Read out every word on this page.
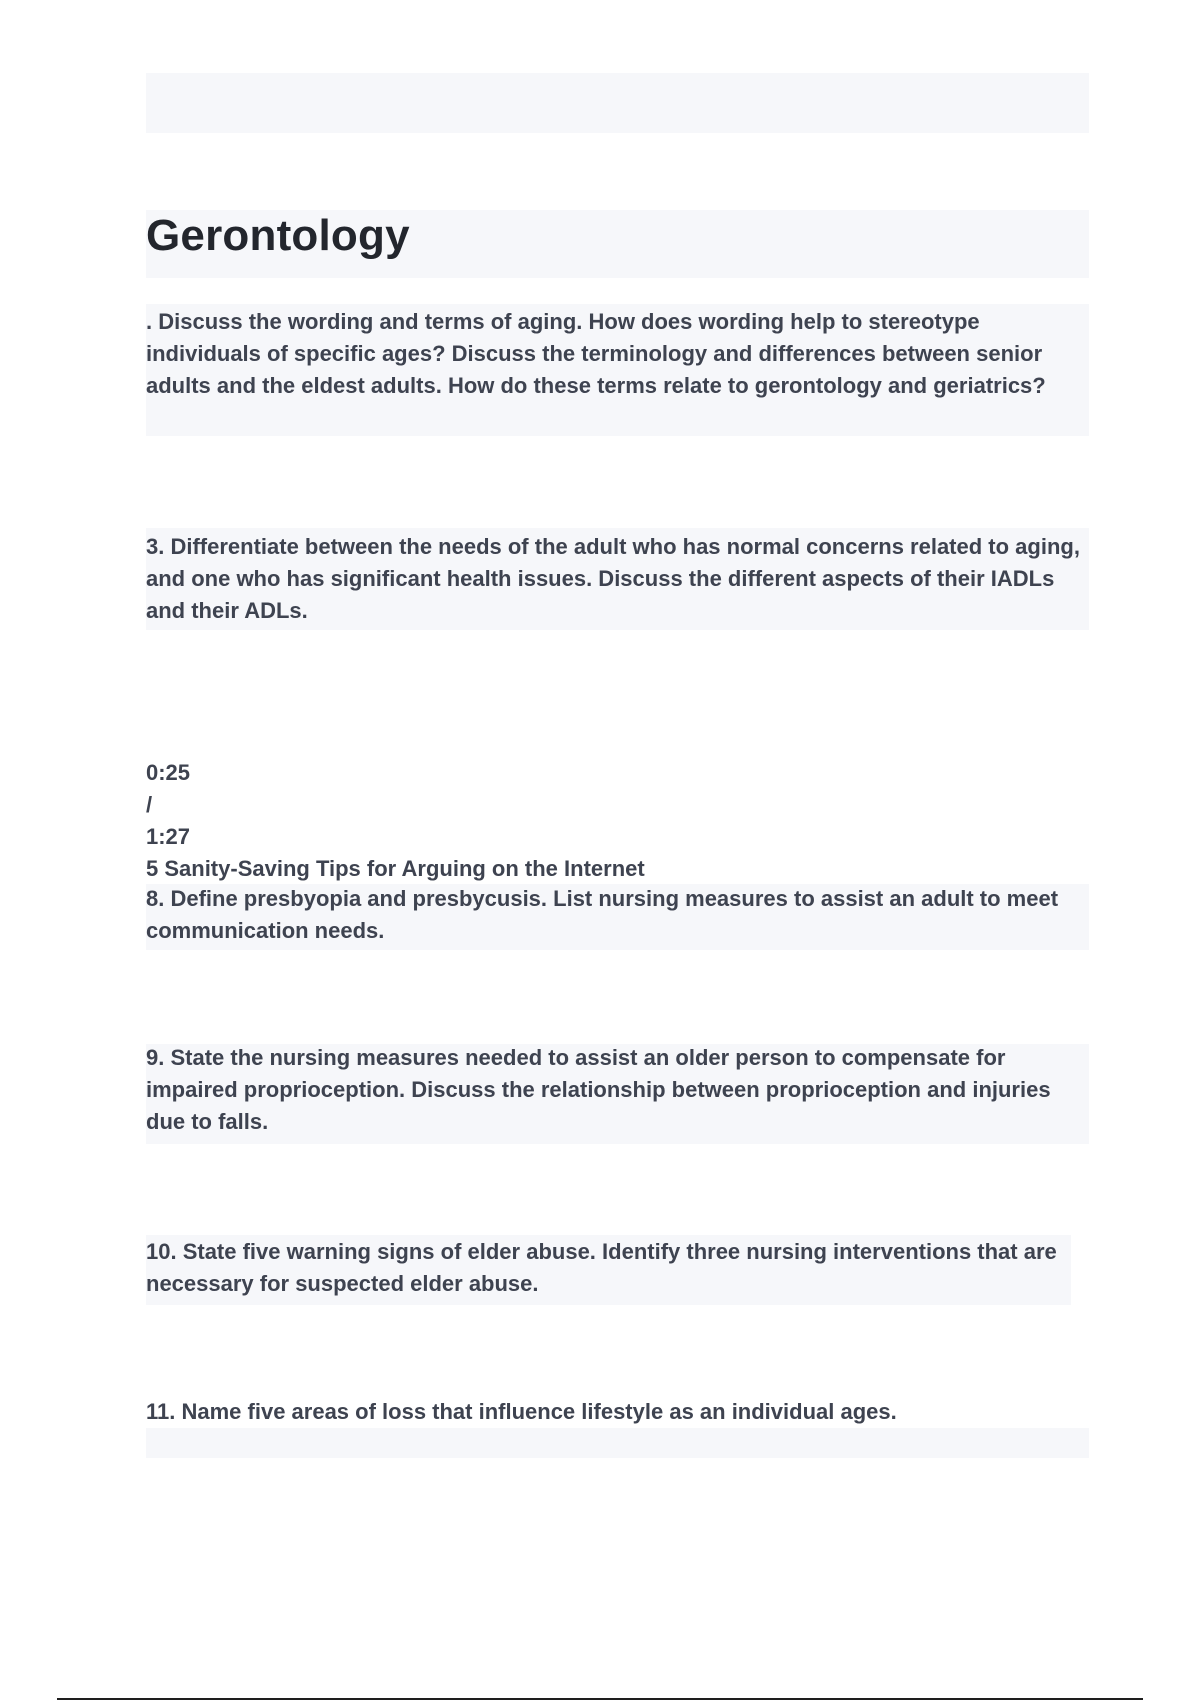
Gerontology
. Discuss the wording and terms of aging. How does wording help to stereotype individuals of specific ages? Discuss the terminology and differences between senior adults and the eldest adults. How do these terms relate to gerontology and geriatrics?
3. Differentiate between the needs of the adult who has normal concerns related to aging, and one who has significant health issues. Discuss the different aspects of their IADLs and their ADLs.
0:25
/
1:27
5 Sanity-Saving Tips for Arguing on the Internet
8. Define presbyopia and presbycusis. List nursing measures to assist an adult to meet communication needs.
9. State the nursing measures needed to assist an older person to compensate for impaired proprioception. Discuss the relationship between proprioception and injuries due to falls.
10. State five warning signs of elder abuse. Identify three nursing interventions that are necessary for suspected elder abuse.
11. Name five areas of loss that influence lifestyle as an individual ages.
